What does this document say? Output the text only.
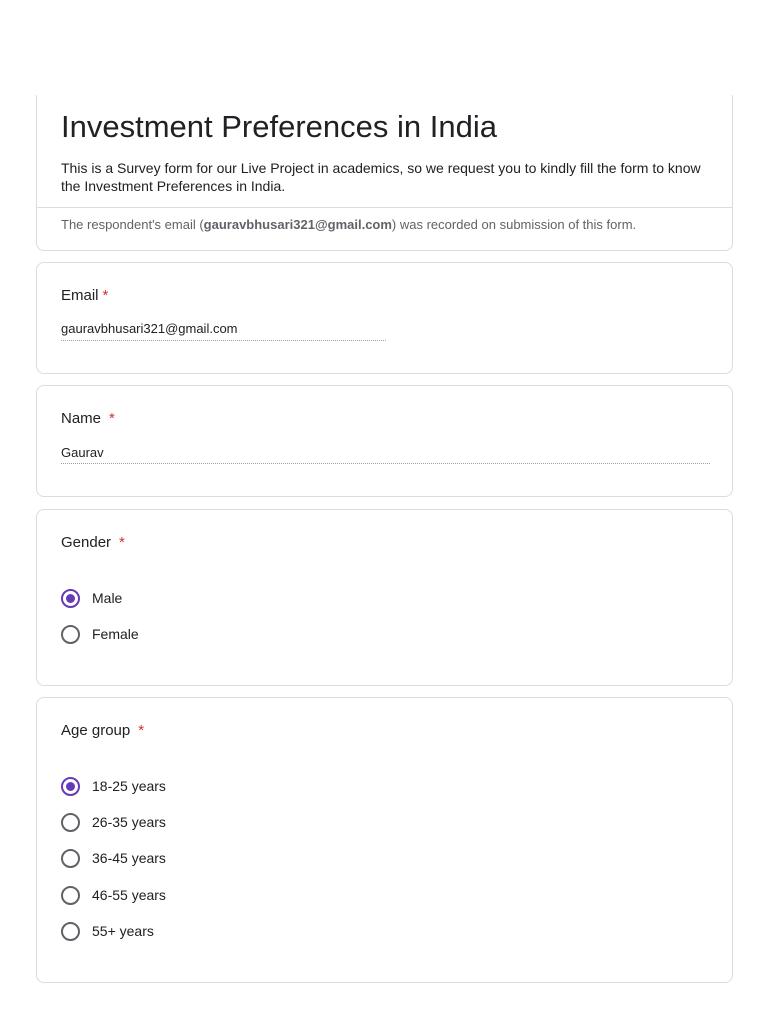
Investment Preferences in India
This is a Survey form for our Live Project in academics, so we request you to kindly fill the form to know the Investment Preferences in India.
The respondent's email (gauravbhusari321@gmail.com) was recorded on submission of this form.
Email *
gauravbhusari321@gmail.com
Name *
Gaurav
Gender *
Male
Female
Age group *
18-25 years
26-35 years
36-45 years
46-55 years
55+ years
